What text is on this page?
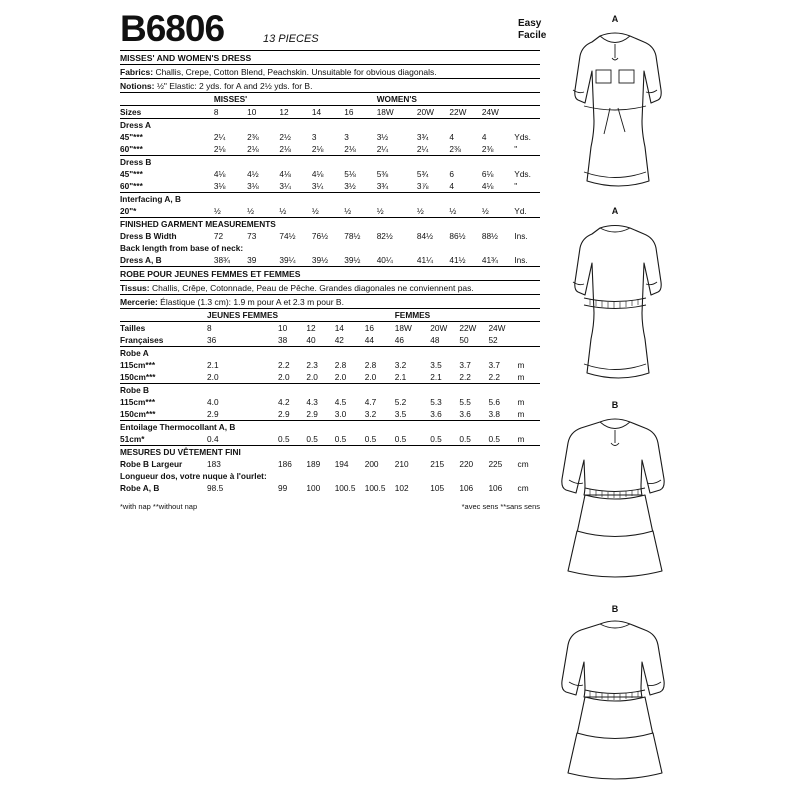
B6806	13 PIECES
Easy
Facile
MISSES' AND WOMEN'S DRESS
Fabrics: Challis, Crepe, Cotton Blend, Peachskin. Unsuitable for obvious diagonals.
Notions: ½" Elastic: 2 yds. for A and 2½ yds. for B.
	MISSES'					WOMEN'S				
Sizes	8	10	12	14	16	18W	20W	22W	24W	
Dress A										
45"***	2¼	2⅜	2½	3	3	3½	3¾	4	4	Yds.
60"***	2⅛	2⅛	2⅛	2⅛	2⅛	2¼	2¼	2⅜	2⅜	"
Dress B										
45"***	4⅛	4½	4⅛	4⅛	5⅛	5⅜	5¾	6	6⅛	Yds.
60"***	3⅛	3⅛	3¼	3¼	3½	3¾	3⅞	4	4⅛	"
Interfacing A, B										
20"*	½	½	½	½	½	½	½	½	½	Yd.
FINISHED GARMENT MEASUREMENTS										
Dress B Width	72	73	74½	76½	78½	82½	84½	86½	88½	Ins.
Back length from base of neck:										
Dress A, B	38¾	39	39¼	39½	39½	40¼	41¼	41½	41¾	Ins.
ROBE POUR JEUNES FEMMES ET FEMMES
Tissus: Challis, Crêpe, Cotonnade, Peau de Pêche. Grandes diagonales ne conviennent pas.
Mercerie: Élastique (1.3 cm): 1.9 m pour A et 2.3 m pour B.
	JEUNES FEMMES					FEMMES				
Tailles	8	10	12	14	16	18W	20W	22W	24W	
Françaises	36	38	40	42	44	46	48	50	52	
Robe A										
115cm***	2.1	2.2	2.3	2.8	2.8	3.2	3.5	3.7	3.7	m
150cm***	2.0	2.0	2.0	2.0	2.0	2.1	2.1	2.2	2.2	m
Robe B										
115cm***	4.0	4.2	4.3	4.5	4.7	5.2	5.3	5.5	5.6	m
150cm***	2.9	2.9	2.9	3.0	3.2	3.5	3.6	3.6	3.8	m
Entoilage Thermocollant A, B										
51cm*	0.4	0.5	0.5	0.5	0.5	0.5	0.5	0.5	0.5	m
MESURES DU VÊTEMENT FINI										
Robe B Largeur	183	186	189	194	200	210	215	220	225	cm
Longueur dos, votre nuque à l'ourlet:										
Robe A, B	98.5	99	100	100.5	100.5	102	105	106	106	cm
*with nap **without nap	*avec sens **sans sens
A
A
B
B
